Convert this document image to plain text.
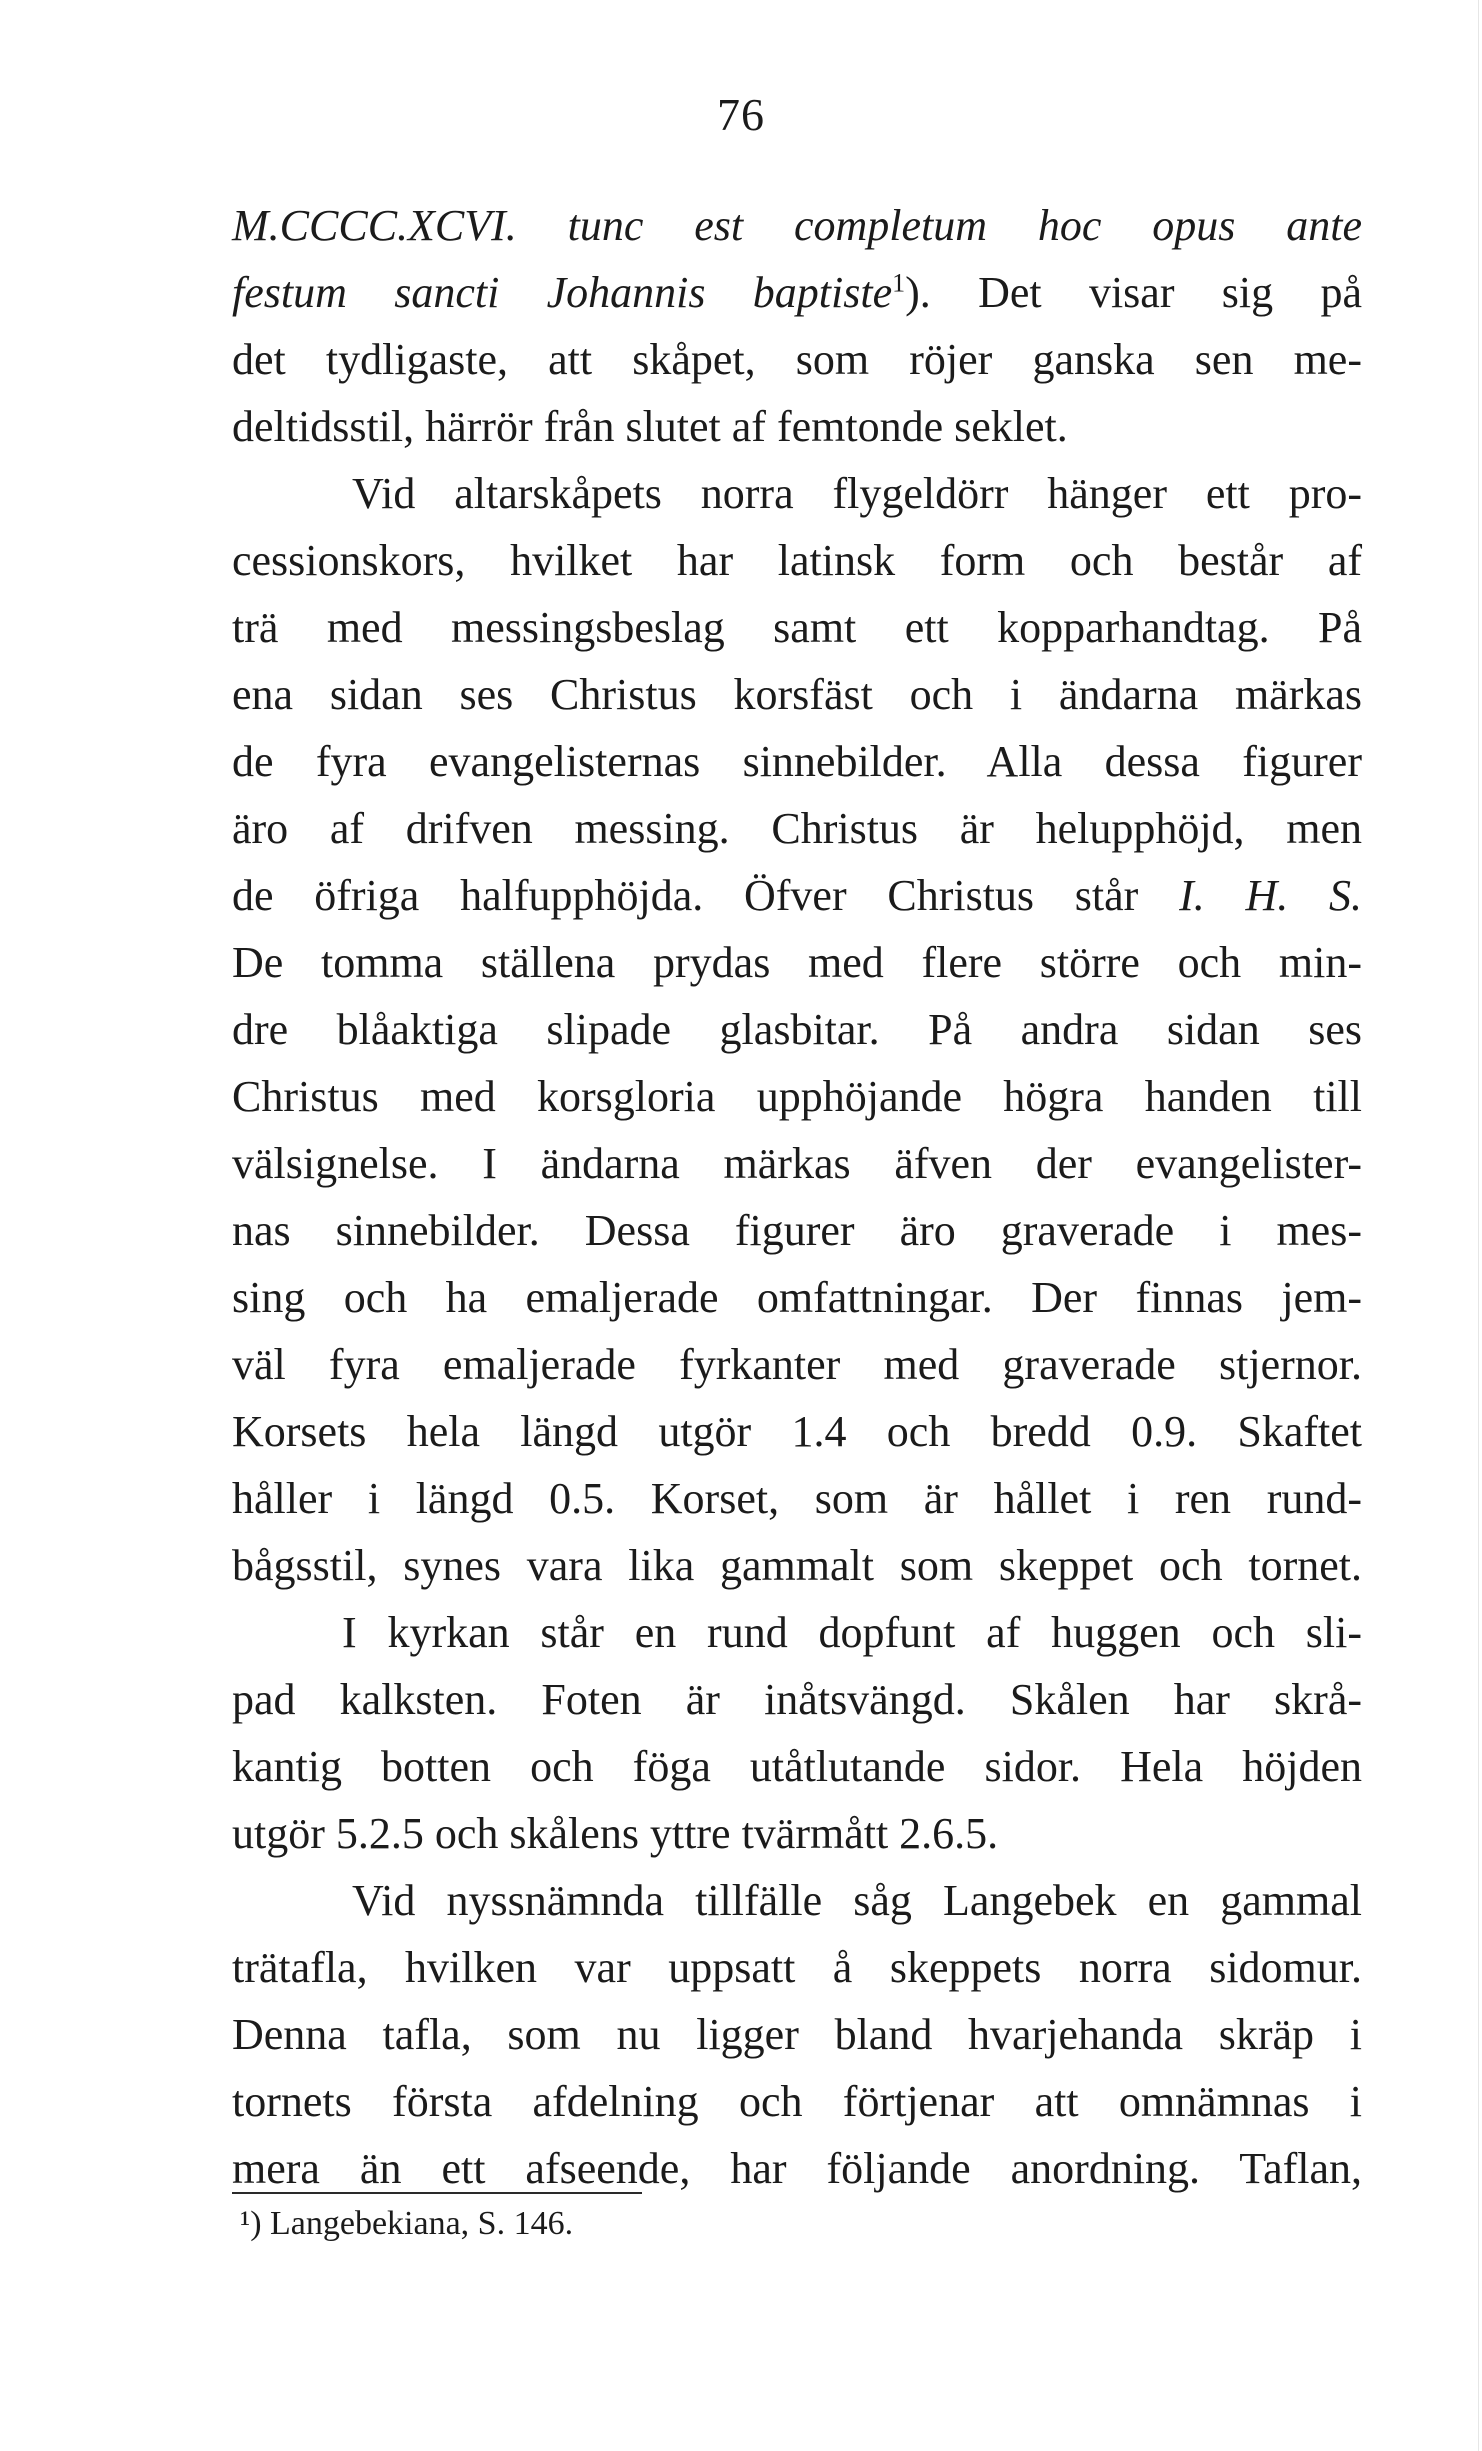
76
M.CCCC.XCVI. tunc est completum hoc opus ante
festum sancti Johannis baptiste$^1$). Det visar sig på
det tydligaste, att skåpet, som röjer ganska sen me-
deltidsstil, härrör från slutet af femtonde seklet.
Vid altarskåpets norra flygeldörr hänger ett pro-
cessionskors, hvilket har latinsk form och består af
trä med messingsbeslag samt ett kopparhandtag. På
ena sidan ses Christus korsfäst och i ändarna märkas
de fyra evangelisternas sinnebilder. Alla dessa figurer
äro af drifven messing. Christus är helupphöjd, men
de öfriga halfupphöjda. Öfver Christus står I. H. S.
De tomma ställena prydas med flere större och min-
dre blåaktiga slipade glasbitar. På andra sidan ses
Christus med korsgloria upphöjande högra handen till
välsignelse. I ändarna märkas äfven der evangelister-
nas sinnebilder. Dessa figurer äro graverade i mes-
sing och ha emaljerade omfattningar. Der finnas jem-
väl fyra emaljerade fyrkanter med graverade stjernor.
Korsets hela längd utgör 1.4 och bredd 0.9. Skaftet
håller i längd 0.5. Korset, som är hållet i ren rund-
bågsstil, synes vara lika gammalt som skeppet och tornet.
I kyrkan står en rund dopfunt af huggen och sli-
pad kalksten. Foten är inåtsvängd. Skålen har skrå-
kantig botten och föga utåtlutande sidor. Hela höjden
utgör 5.2.5 och skålens yttre tvärmått 2.6.5.
Vid nyssnämnda tillfälle såg Langebek en gammal
trätafla, hvilken var uppsatt å skeppets norra sidomur.
Denna tafla, som nu ligger bland hvarjehanda skräp i
tornets första afdelning och förtjenar att omnämnas i
mera än ett afseende, har följande anordning. Taflan,
¹) Langebekiana, S. 146.
